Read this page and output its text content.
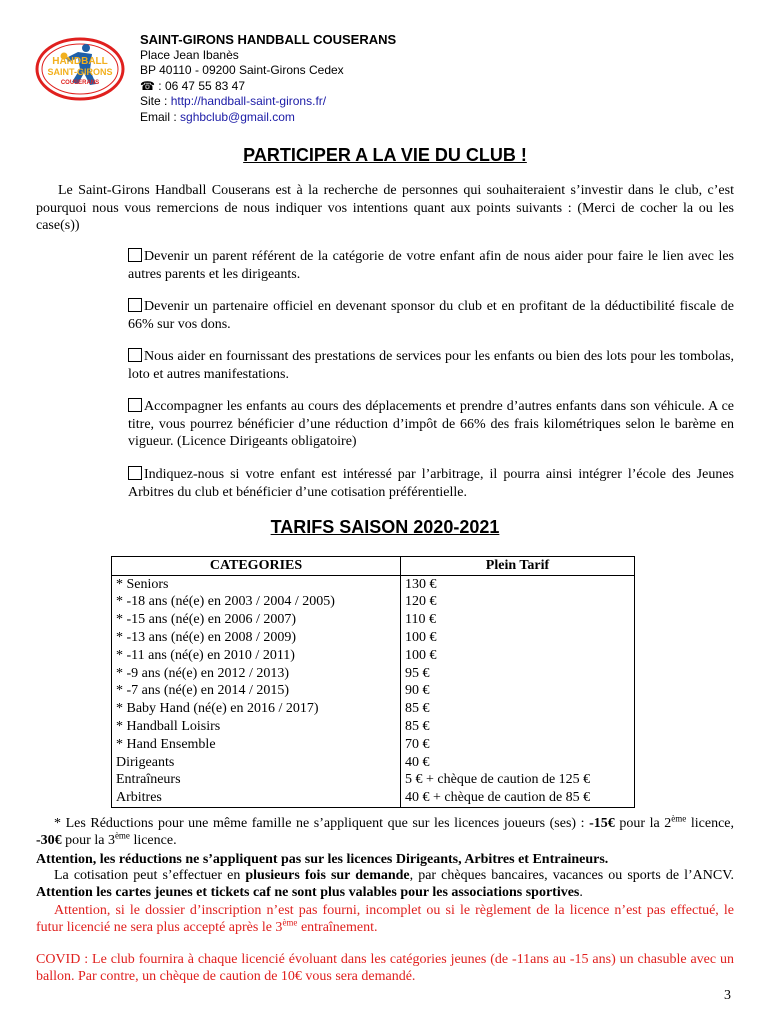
HANDBALL
SAINT-GIRONS
COUSERANS
SAINT-GIRONS HANDBALL COUSERANS
Place Jean Ibanès
BP 40110 - 09200 Saint-Girons Cedex
☎ : 06 47 55 83 47
Site : http://handball-saint-girons.fr/
Email : sghbclub@gmail.com
PARTICIPER A LA VIE DU CLUB !
Le Saint-Girons Handball Couserans est à la recherche de personnes qui souhaiteraient s’investir dans le club, c’est pourquoi nous vous remercions de nous indiquer vos intentions quant aux points suivants : (Merci de cocher la ou les case(s))
Devenir un parent référent de la catégorie de votre enfant afin de nous aider pour faire le lien avec les autres parents et les dirigeants.
Devenir un partenaire officiel en devenant sponsor du club et en profitant de la déductibilité fiscale de 66% sur vos dons.
Nous aider en fournissant des prestations de services pour les enfants ou bien des lots pour les tombolas, loto et autres manifestations.
Accompagner les enfants au cours des déplacements et prendre d’autres enfants dans son véhicule. A ce titre, vous pourrez bénéficier d’une réduction d’impôt de 66% des frais kilométriques selon le barème en vigueur. (Licence Dirigeants obligatoire)
Indiquez-nous si votre enfant est intéressé par l’arbitrage, il pourra ainsi intégrer l’école des Jeunes Arbitres du club et bénéficier d’une cotisation préférentielle.
TARIFS SAISON 2020-2021
CATEGORIES	Plein Tarif
* Seniors	130 €
* -18 ans (né(e) en 2003 / 2004 / 2005)	120 €
* -15 ans (né(e) en 2006 / 2007)	110 €
* -13 ans (né(e) en 2008 / 2009)	100 €
* -11 ans (né(e) en 2010 / 2011)	100 €
* -9 ans (né(e) en 2012 / 2013)	95 €
* -7 ans (né(e) en 2014 / 2015)	90 €
* Baby Hand (né(e) en 2016 / 2017)	85 €
* Handball Loisirs	85 €
* Hand Ensemble	70 €
Dirigeants	40 €
Entraîneurs	5 € + chèque de caution de 125 €
Arbitres	40 € + chèque de caution de 85 €
* Les Réductions pour une même famille ne s’appliquent que sur les licences joueurs (ses) : -15€ pour la 2ème licence, -30€ pour la 3ème licence.
Attention, les réductions ne s’appliquent pas sur les licences Dirigeants, Arbitres et Entraineurs.
La cotisation peut s’effectuer en plusieurs fois sur demande, par chèques bancaires, vacances ou sports de l’ANCV. Attention les cartes jeunes et tickets caf ne sont plus valables pour les associations sportives.
Attention, si le dossier d’inscription n’est pas fourni, incomplet ou si le règlement de la licence n’est pas effectué, le futur licencié ne sera plus accepté après le 3ème entraînement.
COVID : Le club fournira à chaque licencié évoluant dans les catégories jeunes (de -11ans au -15 ans) un chasuble avec un ballon. Par contre, un chèque de caution de 10€ vous sera demandé.
3
